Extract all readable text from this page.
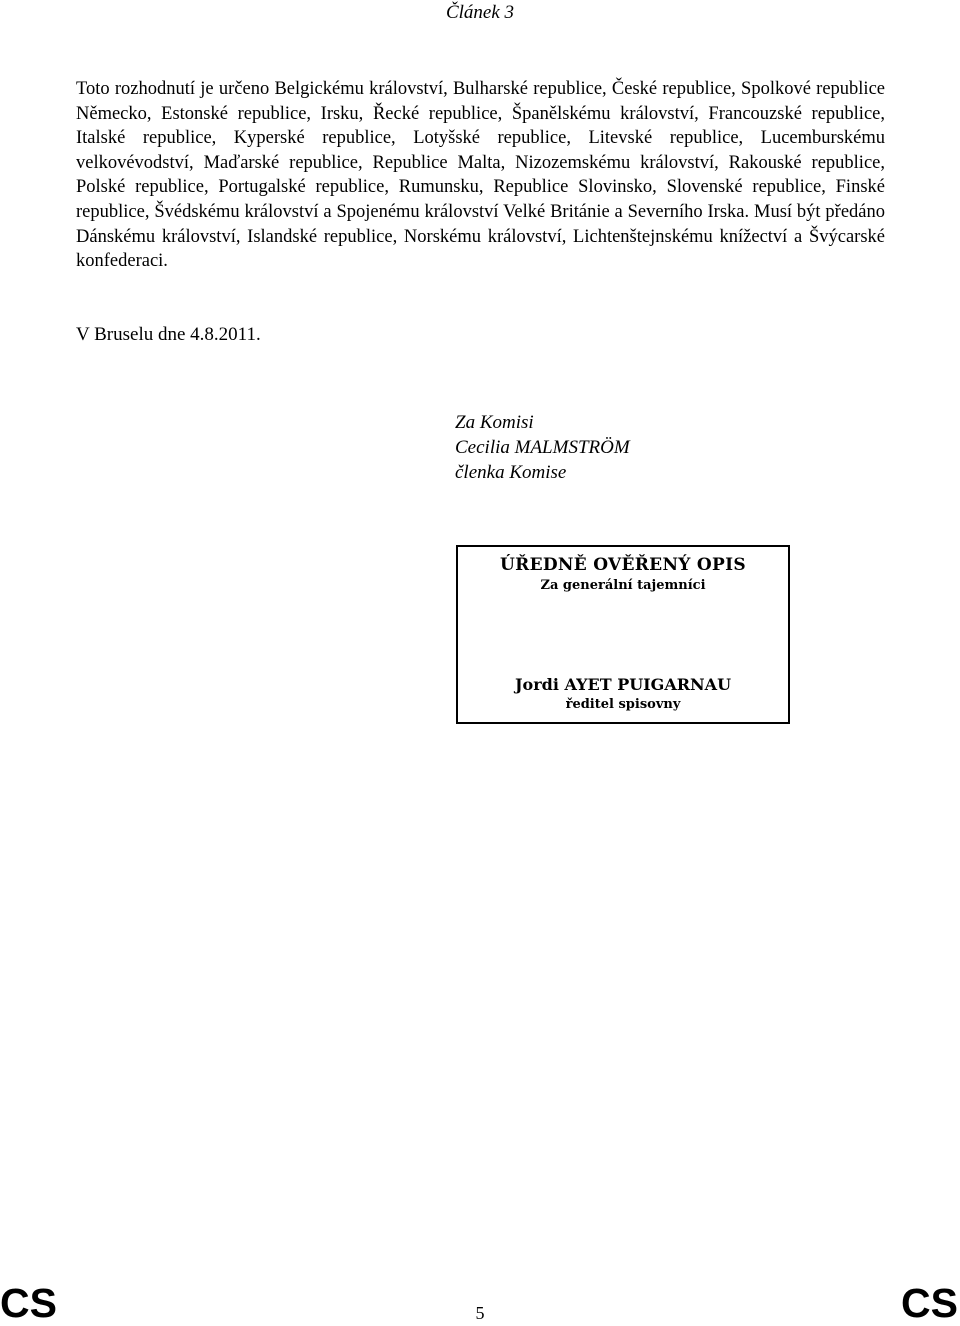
Článek 3

Toto rozhodnutí je určeno Belgickému království, Bulharské republice, České republice, Spolkové republice Německo, Estonské republice, Irsku, Řecké republice, Španělskému království, Francouzské republice, Italské republice, Kyperské republice, Lotyšské republice, Litevské republice, Lucemburskému velkovévodství, Maďarské republice, Republice Malta, Nizozemskému království, Rakouské republice, Polské republice, Portugalské republice, Rumunsku, Republice Slovinsko, Slovenské republice, Finské republice, Švédskému království a Spojenému království Velké Británie a Severního Irska. Musí být předáno Dánskému království, Islandské republice, Norskému království, Lichtenštejnskému knížectví a Švýcarské konfederaci.

V Bruselu dne 4.8.2011.

Za Komisi
Cecilia MALMSTRÖM
členka Komise
ÚŘEDNĚ OVĚŘENÝ OPIS
Za generální tajemníci
Jordi AYET PUIGARNAU
ředitel spisovny
CS	5	CS
